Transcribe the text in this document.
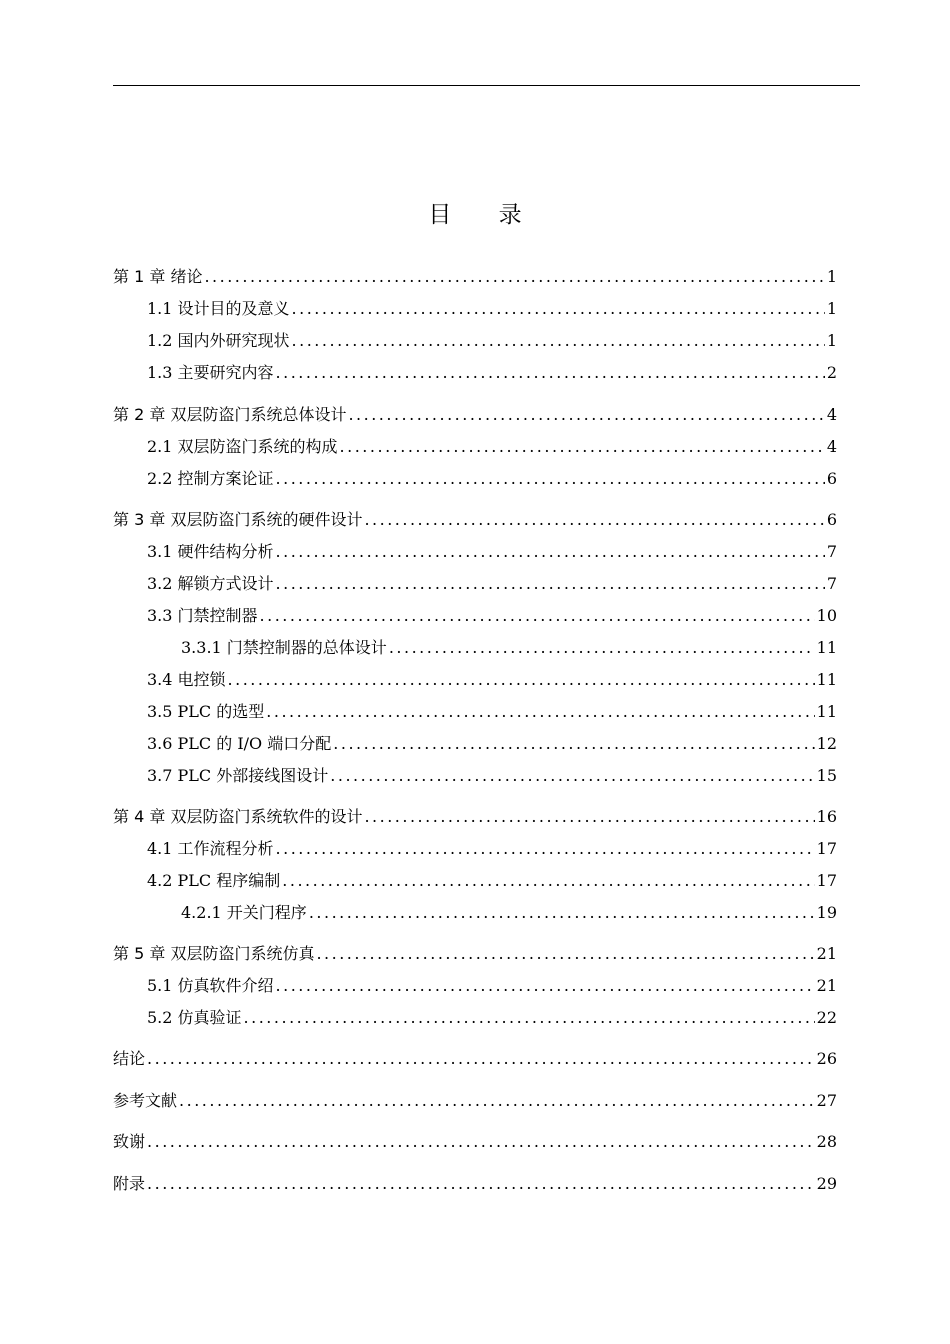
目 录
第 1 章 绪论 .....	1
1.1 设计目的及意义 .....	1
1.2 国内外研究现状 .....	1
1.3 主要研究内容 .....	2
第 2 章 双层防盗门系统总体设计 .....	4
2.1 双层防盗门系统的构成 .....	4
2.2 控制方案论证 .....	6
第 3 章 双层防盗门系统的硬件设计 .....	6
3.1 硬件结构分析 .....	7
3.2 解锁方式设计 .....	7
3.3 门禁控制器 .....	10
3.3.1 门禁控制器的总体设计 .....	11
3.4 电控锁 .....	11
3.5 PLC 的选型 .....	11
3.6 PLC 的 I/O 端口分配 .....	12
3.7 PLC 外部接线图设计 .....	15
第 4 章 双层防盗门系统软件的设计 .....	16
4.1 工作流程分析 .....	17
4.2 PLC 程序编制 .....	17
4.2.1 开关门程序 .....	19
第 5 章 双层防盗门系统仿真 .....	21
5.1 仿真软件介绍 .....	21
5.2 仿真验证 .....	22
结论 .....	26
参考文献 .....	27
致谢 .....	28
附录 .....	29
